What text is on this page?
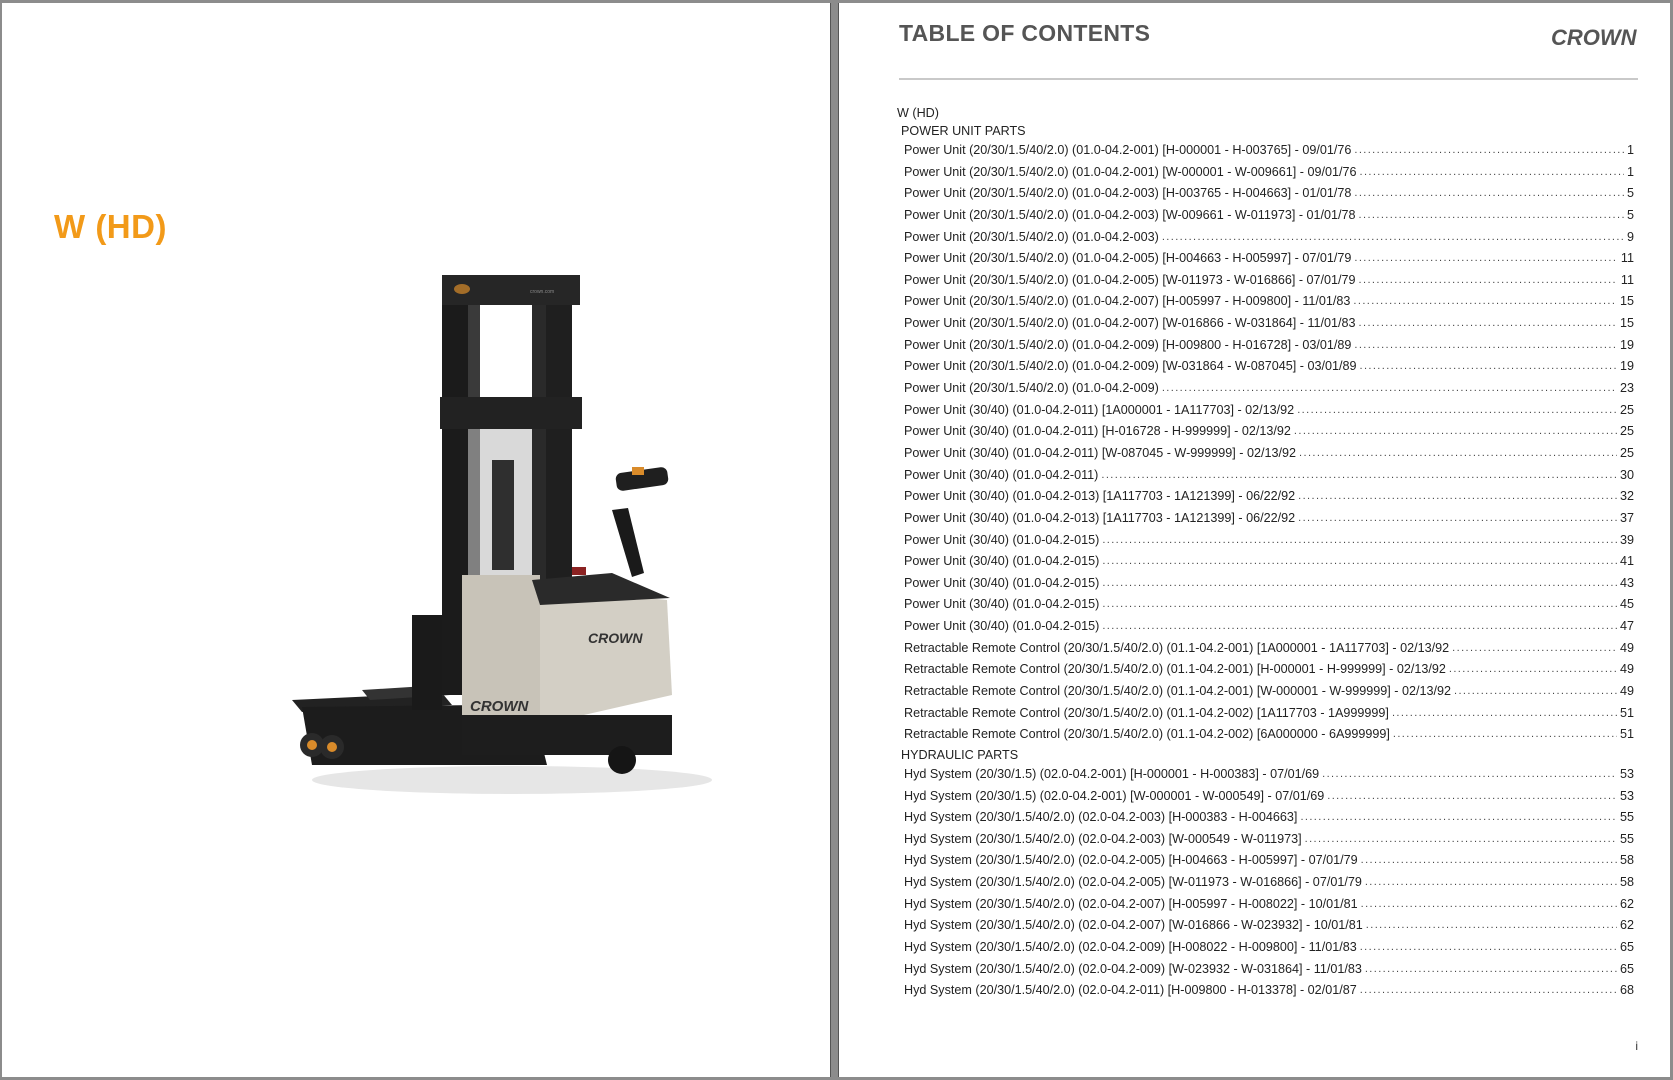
W (HD)
crown.com
CROWN
CROWN
TABLE OF CONTENTS	CROWN
W (HD)
POWER UNIT PARTS
Power Unit (20/30/1.5/40/2.0) (01.0-04.2-001) [H-000001 - H-003765] - 09/01/76 .....	1
Power Unit (20/30/1.5/40/2.0) (01.0-04.2-001) [W-000001 - W-009661] - 09/01/76 .....	1
Power Unit (20/30/1.5/40/2.0) (01.0-04.2-003) [H-003765 - H-004663] - 01/01/78 .....	5
Power Unit (20/30/1.5/40/2.0) (01.0-04.2-003) [W-009661 - W-011973] - 01/01/78 .....	5
Power Unit (20/30/1.5/40/2.0) (01.0-04.2-003) .....	9
Power Unit (20/30/1.5/40/2.0) (01.0-04.2-005) [H-004663 - H-005997] - 07/01/79 .....	11
Power Unit (20/30/1.5/40/2.0) (01.0-04.2-005) [W-011973 - W-016866] - 07/01/79 .....	11
Power Unit (20/30/1.5/40/2.0) (01.0-04.2-007) [H-005997 - H-009800] - 11/01/83 .....	15
Power Unit (20/30/1.5/40/2.0) (01.0-04.2-007) [W-016866 - W-031864] - 11/01/83 .....	15
Power Unit (20/30/1.5/40/2.0) (01.0-04.2-009) [H-009800 - H-016728] - 03/01/89 .....	19
Power Unit (20/30/1.5/40/2.0) (01.0-04.2-009) [W-031864 - W-087045] - 03/01/89 .....	19
Power Unit (20/30/1.5/40/2.0) (01.0-04.2-009) .....	23
Power Unit (30/40) (01.0-04.2-011) [1A000001 - 1A117703] - 02/13/92 .....	25
Power Unit (30/40) (01.0-04.2-011) [H-016728 - H-999999] - 02/13/92 .....	25
Power Unit (30/40) (01.0-04.2-011) [W-087045 - W-999999] - 02/13/92 .....	25
Power Unit (30/40) (01.0-04.2-011) .....	30
Power Unit (30/40) (01.0-04.2-013) [1A117703 - 1A121399] - 06/22/92 .....	32
Power Unit (30/40) (01.0-04.2-013) [1A117703 - 1A121399] - 06/22/92 .....	37
Power Unit (30/40) (01.0-04.2-015) .....	39
Power Unit (30/40) (01.0-04.2-015) .....	41
Power Unit (30/40) (01.0-04.2-015) .....	43
Power Unit (30/40) (01.0-04.2-015) .....	45
Power Unit (30/40) (01.0-04.2-015) .....	47
Retractable Remote Control (20/30/1.5/40/2.0) (01.1-04.2-001) [1A000001 - 1A117703] - 02/13/92 .....	49
Retractable Remote Control (20/30/1.5/40/2.0) (01.1-04.2-001) [H-000001 - H-999999] - 02/13/92 .....	49
Retractable Remote Control (20/30/1.5/40/2.0) (01.1-04.2-001) [W-000001 - W-999999] - 02/13/92 .....	49
Retractable Remote Control (20/30/1.5/40/2.0) (01.1-04.2-002) [1A117703 - 1A999999] .....	51
Retractable Remote Control (20/30/1.5/40/2.0) (01.1-04.2-002) [6A000000 - 6A999999] .....	51
HYDRAULIC PARTS
Hyd System (20/30/1.5) (02.0-04.2-001) [H-000001 - H-000383] - 07/01/69 .....	53
Hyd System (20/30/1.5) (02.0-04.2-001) [W-000001 - W-000549] - 07/01/69 .....	53
Hyd System (20/30/1.5/40/2.0) (02.0-04.2-003) [H-000383 - H-004663] .....	55
Hyd System (20/30/1.5/40/2.0) (02.0-04.2-003) [W-000549 - W-011973] .....	55
Hyd System (20/30/1.5/40/2.0) (02.0-04.2-005) [H-004663 - H-005997] - 07/01/79 .....	58
Hyd System (20/30/1.5/40/2.0) (02.0-04.2-005) [W-011973 - W-016866] - 07/01/79 .....	58
Hyd System (20/30/1.5/40/2.0) (02.0-04.2-007) [H-005997 - H-008022] - 10/01/81 .....	62
Hyd System (20/30/1.5/40/2.0) (02.0-04.2-007) [W-016866 - W-023932] - 10/01/81 .....	62
Hyd System (20/30/1.5/40/2.0) (02.0-04.2-009) [H-008022 - H-009800] - 11/01/83 .....	65
Hyd System (20/30/1.5/40/2.0) (02.0-04.2-009) [W-023932 - W-031864] - 11/01/83 .....	65
Hyd System (20/30/1.5/40/2.0) (02.0-04.2-011) [H-009800 - H-013378] - 02/01/87 .....	68
i
